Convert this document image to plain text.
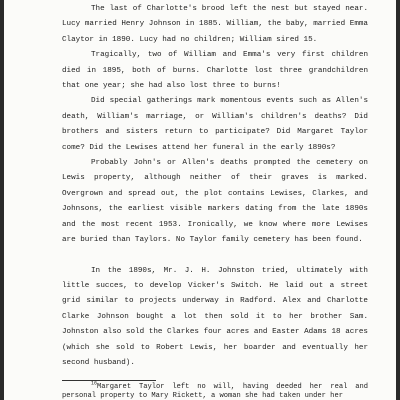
The last of Charlotte's brood left the nest but stayed near. Lucy married Henry Johnson in 1885. William, the baby, married Emma Claytor in 1890. Lucy had no children; William sired 15.

Tragically, two of William and Emma's very first children died in 1895, both of burns. Charlotte lost three grandchildren that one year; she had also lost three to burns!

Did special gatherings mark momentous events such as Allen's death, William's marriage, or William's children's deaths? Did brothers and sisters return to participate? Did Margaret Taylor come? Did the Lewises attend her funeral in the early 1890s?

Probably John's or Allen's deaths prompted the cemetery on Lewis property, although neither of their graves is marked. Overgrown and spread out, the plot contains Lewises, Clarkes, and Johnsons, the earliest visible markers dating from the late 1890s and the most recent 1953. Ironically, we know where more Lewises are buried than Taylors. No Taylor family cemetery has been found.

In the 1890s, Mr. J. H. Johnston tried, ultimately with little succes, to develop Vicker's Switch. He laid out a street grid similar to projects underway in Radford. Alex and Charlotte Clarke Johnson bought a lot then sold it to her brother Sam. Johnston also sold the Clarkes four acres and Easter Adams 18 acres (which she sold to Robert Lewis, her boarder and eventually her second husband).

$^{16}$Margaret Taylor left no will, having deeded her real and personal property to Mary Rickett, a woman she had taken under her
